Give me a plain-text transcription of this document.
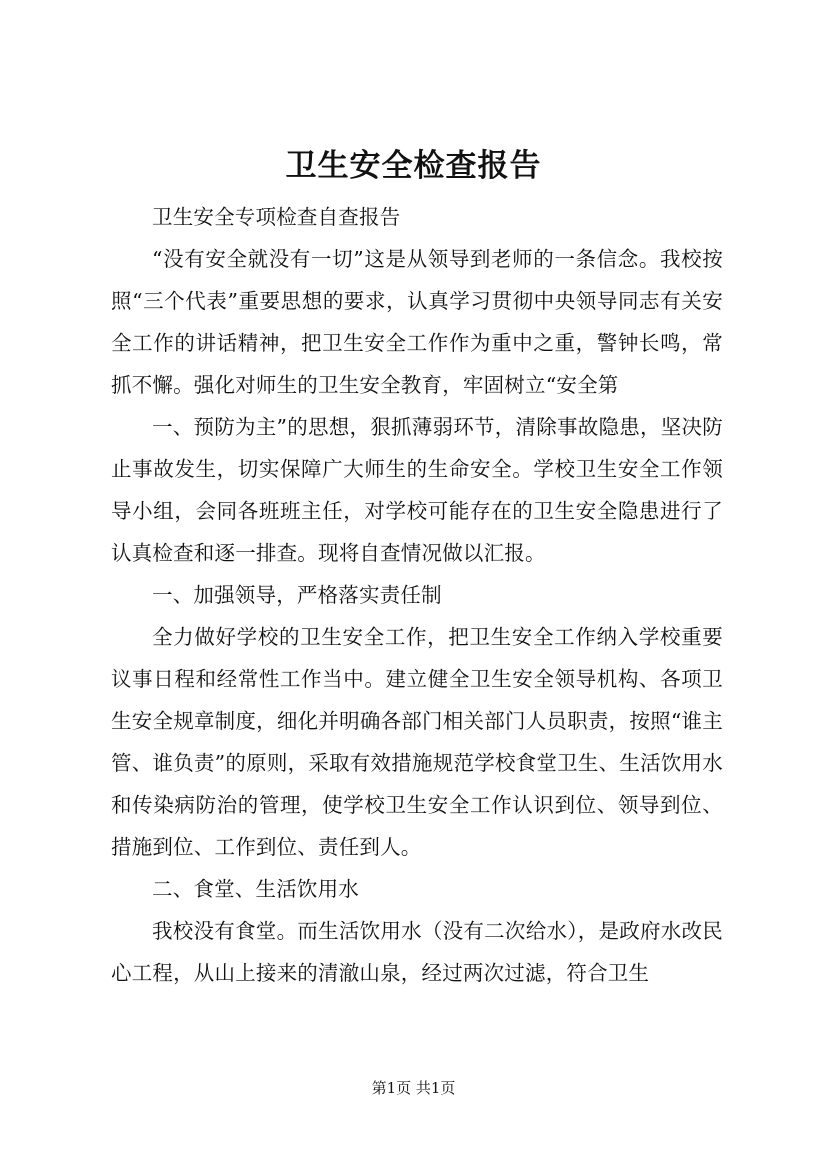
卫生安全检查报告

卫生安全专项检查自查报告

“没有安全就没有一切”这是从领导到老师的一条信念。我校按照“三个代表”重要思想的要求，认真学习贯彻中央领导同志有关安全工作的讲话精神，把卫生安全工作作为重中之重，警钟长鸣，常抓不懈。强化对师生的卫生安全教育，牢固树立“安全第

一、预防为主”的思想，狠抓薄弱环节，清除事故隐患，坚决防止事故发生，切实保障广大师生的生命安全。学校卫生安全工作领导小组，会同各班班主任，对学校可能存在的卫生安全隐患进行了认真检查和逐一排查。现将自查情况做以汇报。

一、加强领导，严格落实责任制

全力做好学校的卫生安全工作，把卫生安全工作纳入学校重要议事日程和经常性工作当中。建立健全卫生安全领导机构、各项卫生安全规章制度，细化并明确各部门相关部门人员职责，按照“谁主管、谁负责”的原则，采取有效措施规范学校食堂卫生、生活饮用水和传染病防治的管理，使学校卫生安全工作认识到位、领导到位、措施到位、工作到位、责任到人。

二、食堂、生活饮用水

我校没有食堂。而生活饮用水（没有二次给水），是政府水改民心工程，从山上接来的清澈山泉，经过两次过滤，符合卫生

第1页 共1页
